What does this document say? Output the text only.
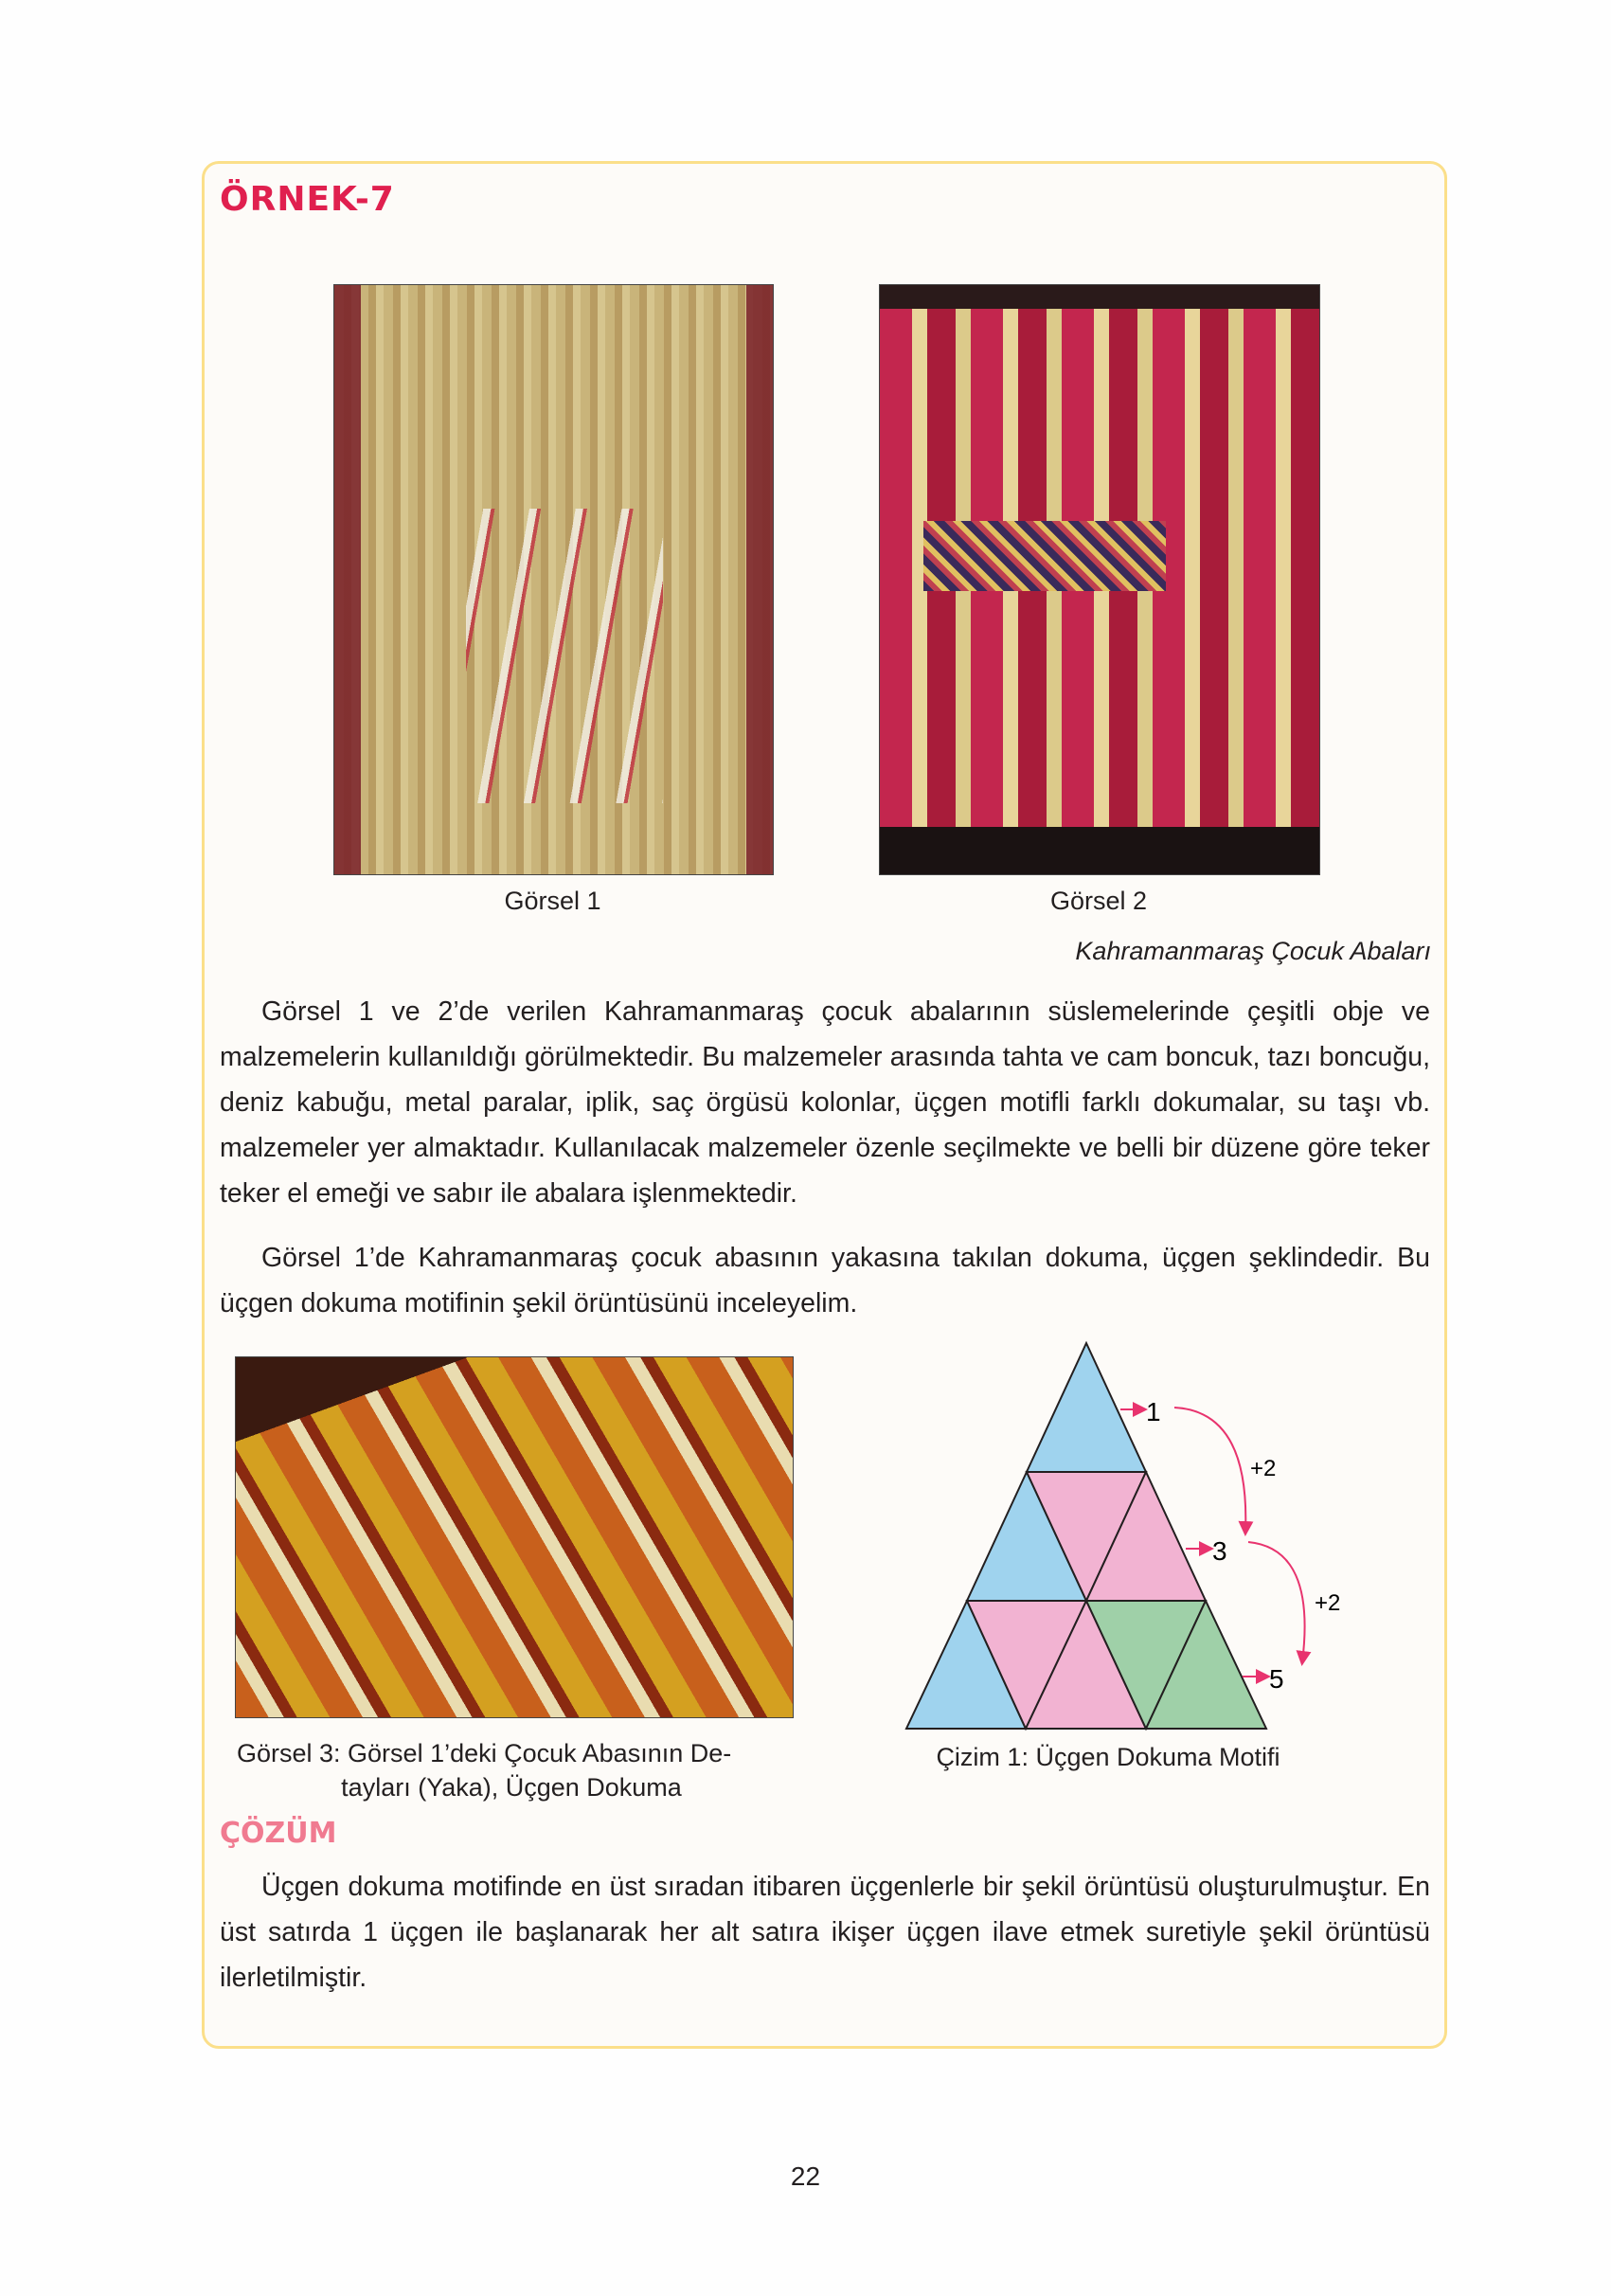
ÖRNEK-7
Görsel 1	Görsel 2
Kahramanmaraş Çocuk Abaları

Görsel 1 ve 2’de verilen Kahramanmaraş çocuk abalarının süslemelerinde çeşitli obje ve malzemelerin kullanıldığı görülmektedir. Bu malzemeler arasında tahta ve cam boncuk, tazı boncuğu, deniz kabuğu, metal paralar, iplik, saç örgüsü kolonlar, üçgen motifli farklı dokumalar, su taşı vb. malzemeler yer almaktadır. Kullanılacak malzemeler özenle seçilmekte ve belli bir düzene göre teker teker el emeği ve sabır ile abalara işlenmektedir.

Görsel 1’de Kahramanmaraş çocuk abasının yakasına takılan dokuma, üçgen şeklindedir. Bu üçgen dokuma motifinin şekil örüntüsünü inceleyelim.

Görsel 3: Görsel 1’deki Çocuk Abasının De-
tayları (Yaka), Üçgen Dokuma
1
3
5
+2
+2
Çizim 1: Üçgen Dokuma Motifi
ÇÖZÜM

Üçgen dokuma motifinde en üst sıradan itibaren üçgenlerle bir şekil örüntüsü oluşturulmuştur. En üst satırda 1 üçgen ile başlanarak her alt satıra ikişer üçgen ilave etmek suretiyle şekil örüntüsü ilerletilmiştir.

22
